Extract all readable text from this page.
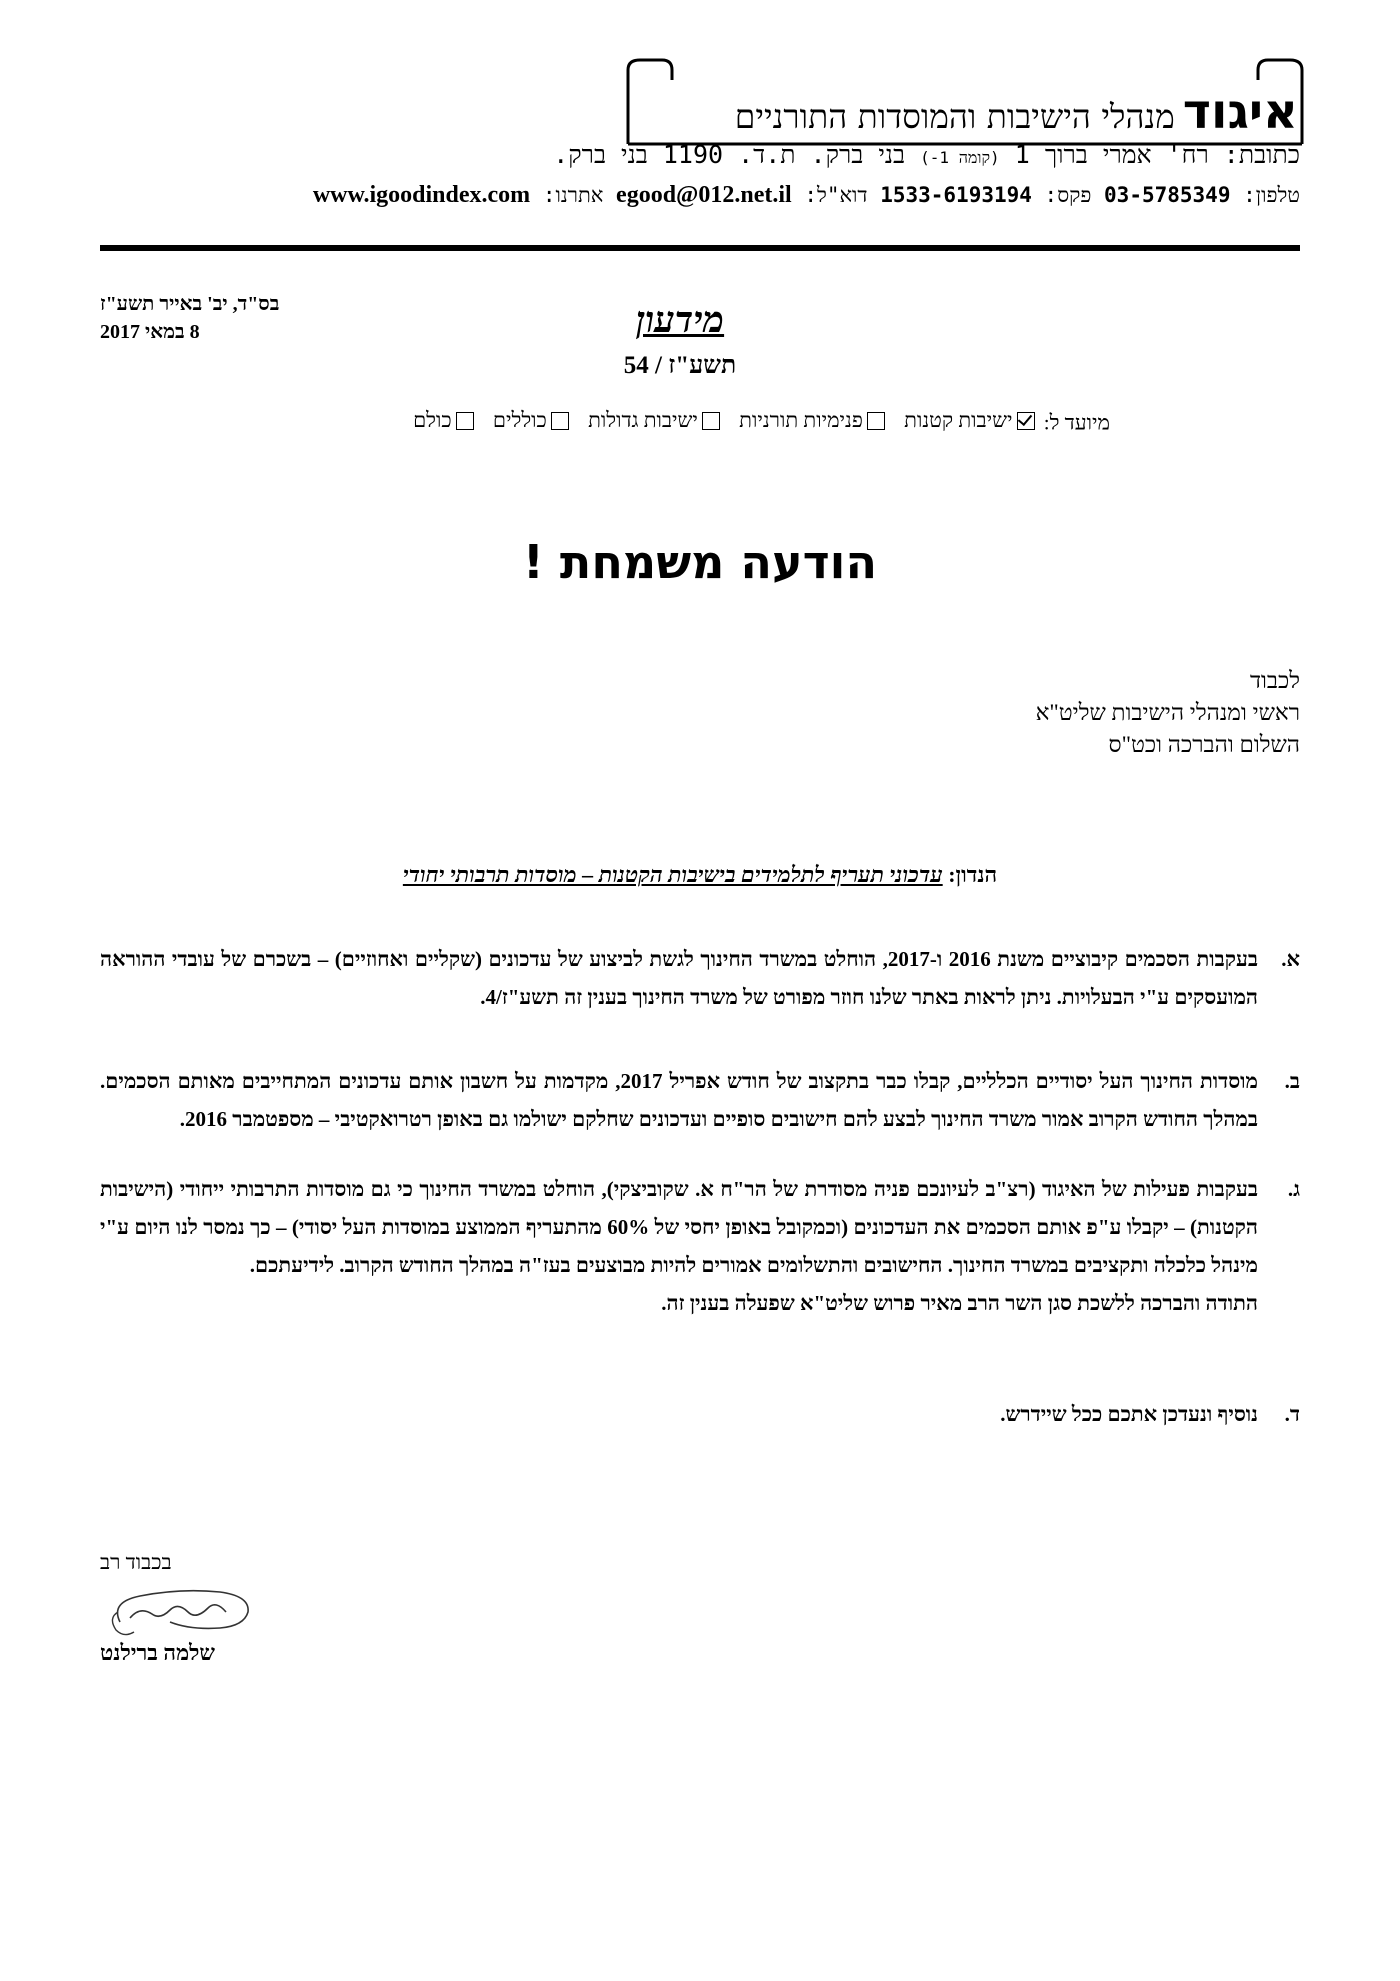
איגוד
מנהלי הישיבות והמוסדות התורניים
כתובת: רח' אמרי ברוך 1 (קומה 1-) בני ברק. ת.ד. 1190 בני ברק.
טלפון: 03-5785349 פקס: 1533-6193194 דוא"ל: egood@012.net.il אתרנו: www.igoodindex.com
בס"ד, יב' באייר תשע"ז
8 במאי 2017	מידעון
תשע"ז / 54
מיועד ל:
ישיבות קטנות

פנימיות תורניות

ישיבות גדולות

כוללים

כולם
הודעה משמחת !
לכבוד
ראשי ומנהלי הישיבות שליט"א
השלום והברכה וכט"ס
הנדון: עדכוני תעריף לתלמידים בישיבות הקטנות – מוסדות תרבותי יחודי
א.
בעקבות הסכמים קיבוציים משנת 2016 ו-2017, הוחלט במשרד החינוך לגשת לביצוע של עדכונים (שקליים ואחוזיים) – בשכרם של עובדי ההוראה המועסקים ע"י הבעלויות. ניתן לראות באתר שלנו חוזר מפורט של משרד החינוך בענין זה תשע"ז/4.
ב.
מוסדות החינוך העל יסודיים הכלליים, קבלו כבר בתקצוב של חודש אפריל 2017, מקדמות על חשבון אותם עדכונים המתחייבים מאותם הסכמים. במהלך החודש הקרוב אמור משרד החינוך לבצע להם חישובים סופיים ועדכונים שחלקם ישולמו גם באופן רטרואקטיבי – מספטמבר 2016.
ג.
בעקבות פעילות של האיגוד (רצ"ב לעיונכם פניה מסודרת של הר"ח א. שקוביצקי), הוחלט במשרד החינוך כי גם מוסדות התרבותי ייחודי (הישיבות הקטנות) – יקבלו ע"פ אותם הסכמים את העדכונים (וכמקובל באופן יחסי של 60% מהתעריף הממוצע במוסדות העל יסודי) – כך נמסר לנו היום ע"י מינהל כלכלה ותקציבים במשרד החינוך. החישובים והתשלומים אמורים להיות מבוצעים בעז"ה במהלך החודש הקרוב. לידיעתכם.
התודה והברכה ללשכת סגן השר הרב מאיר פרוש שליט"א שפעלה בענין זה.
ד.
נוסיף ונעדכן אתכם ככל שיידרש.
בכבוד רב
שלמה ברילנט
